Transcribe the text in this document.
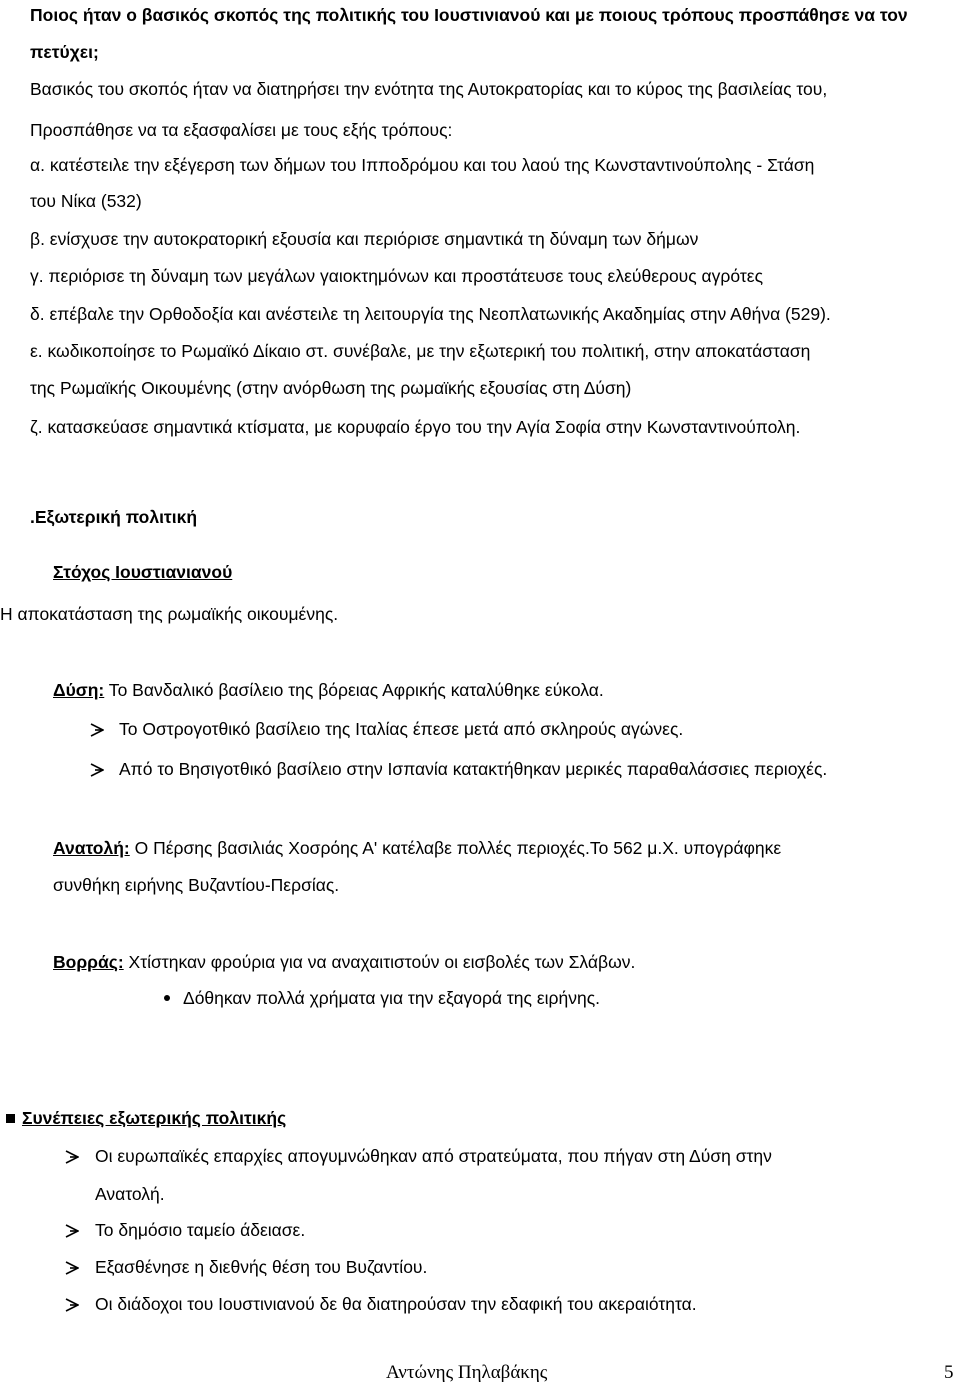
Ποιος ήταν ο βασικός σκοπός της πολιτικής του Ιουστινιανού και με ποιους τρόπους προσπάθησε να τον
πετύχει;
Βασικός του σκοπός ήταν να διατηρήσει την ενότητα της Αυτοκρατορίας και το κύρος της βασιλείας του,
Προσπάθησε να τα εξασφαλίσει με τους εξής τρόπους:
α. κατέστειλε την εξέγερση των δήμων του Ιπποδρόμου και του λαού της Κωνσταντινούπολης - Στάση
του Νίκα (532)
β. ενίσχυσε την αυτοκρατορική εξουσία και περιόρισε σημαντικά τη δύναμη των δήμων
γ. περιόρισε τη δύναμη των μεγάλων γαιοκτημόνων και προστάτευσε τους ελεύθερους αγρότες
δ. επέβαλε την Ορθοδοξία και ανέστειλε τη λειτουργία της Νεοπλατωνικής Ακαδημίας στην Αθήνα (529).
ε. κωδικοποίησε το Ρωμαϊκό Δίκαιο στ. συνέβαλε, με την εξωτερική του πολιτική, στην αποκατάσταση
της Ρωμαϊκής Οικουμένης (στην ανόρθωση της ρωμαϊκής εξουσίας στη Δύση)
ζ. κατασκεύασε σημαντικά κτίσματα, με κορυφαίο έργο του την Αγία Σοφία στην Κωνσταντινούπολη.
.Εξωτερική πολιτική
Στόχος Ιουστιανιανού
Η αποκατάσταση της ρωμαϊκής οικουμένης.
Δύση: Το Βανδαλικό βασίλειο της βόρειας Αφρικής καταλύθηκε εύκολα.
Το Οστρογοτθικό βασίλειο της Ιταλίας έπεσε μετά από σκληρούς αγώνες.
Από το Βησιγοτθικό βασίλειο στην Ισπανία κατακτήθηκαν μερικές παραθαλάσσιες περιοχές.
Ανατολή: Ο Πέρσης βασιλιάς Χοσρόης Α' κατέλαβε πολλές περιοχές.Το 562 μ.Χ. υπογράφηκε
συνθήκη ειρήνης Βυζαντίου-Περσίας.
Βορράς: Χτίστηκαν φρούρια για να αναχαιτιστούν οι εισβολές των Σλάβων.
Δόθηκαν πολλά χρήματα για την εξαγορά της ειρήνης.
Συνέπειες εξωτερικής πολιτικής
Οι ευρωπαϊκές επαρχίες απογυμνώθηκαν από στρατεύματα, που πήγαν στη Δύση στην
Ανατολή.
Το δημόσιο ταμείο άδειασε.
Εξασθένησε η διεθνής θέση του Βυζαντίου.
Οι διάδοχοι του Ιουστινιανού δε θα διατηρούσαν την εδαφική του ακεραιότητα.
Αντώνης Πηλαβάκης	5
